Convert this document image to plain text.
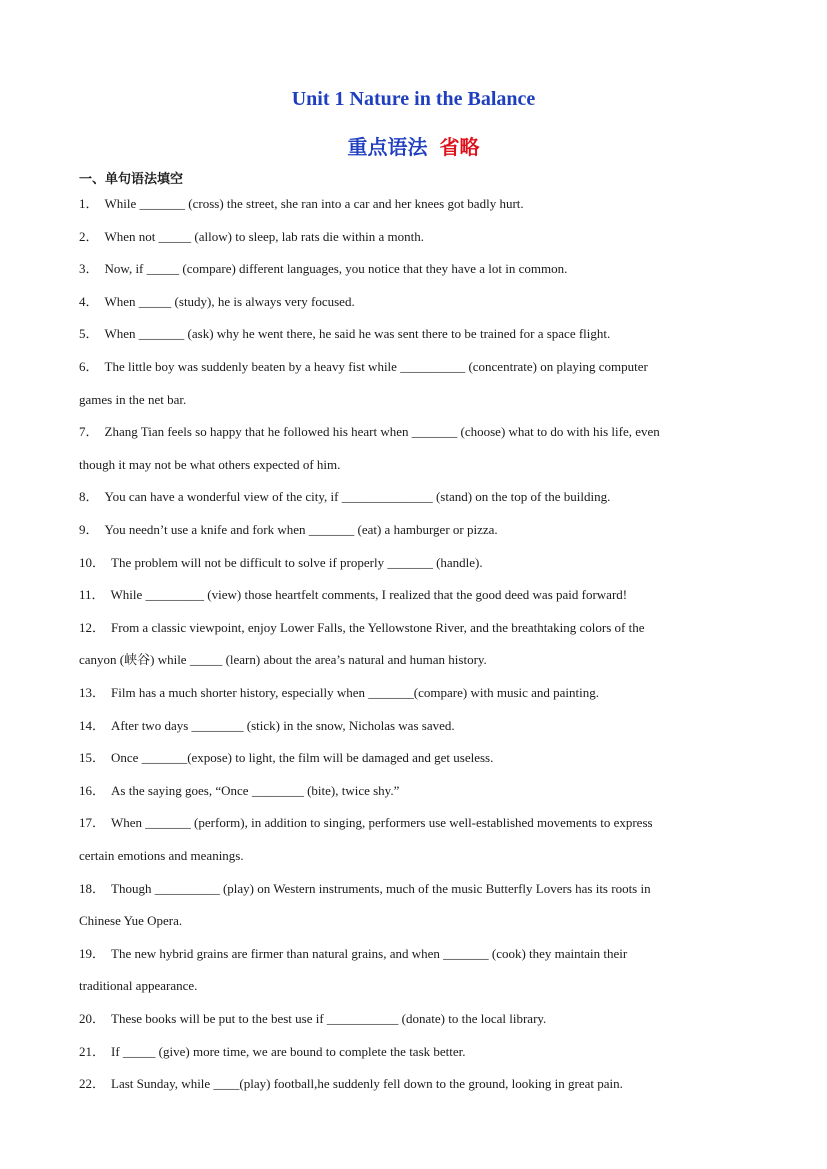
Unit 1 Nature in the Balance
重点语法 省略
一、单句语法填空
1． While _______ (cross) the street, she ran into a car and her knees got badly hurt.
2． When not _____ (allow) to sleep, lab rats die within a month.
3． Now, if _____ (compare) different languages, you notice that they have a lot in common.
4． When _____ (study), he is always very focused.
5． When _______ (ask) why he went there, he said he was sent there to be trained for a space flight.
6． The little boy was suddenly beaten by a heavy fist while __________ (concentrate) on playing computer
games in the net bar.
7． Zhang Tian feels so happy that he followed his heart when _______ (choose) what to do with his life, even
though it may not be what others expected of him.
8． You can have a wonderful view of the city, if ______________ (stand) on the top of the building.
9． You needn’t use a knife and fork when _______ (eat) a hamburger or pizza.
10． The problem will not be difficult to solve if properly _______ (handle).
11． While _________ (view) those heartfelt comments, I realized that the good deed was paid forward!
12． From a classic viewpoint, enjoy Lower Falls, the Yellowstone River, and the breathtaking colors of the
canyon (峡谷) while _____ (learn) about the area’s natural and human history.
13． Film has a much shorter history, especially when _______(compare) with music and painting.
14． After two days ________ (stick) in the snow, Nicholas was saved.
15． Once _______(expose) to light, the film will be damaged and get useless.
16． As the saying goes, “Once ________ (bite), twice shy.”
17． When _______ (perform), in addition to singing, performers use well-established movements to express
certain emotions and meanings.
18． Though __________ (play) on Western instruments, much of the music Butterfly Lovers has its roots in
Chinese Yue Opera.
19． The new hybrid grains are firmer than natural grains, and when _______ (cook) they maintain their
traditional appearance.
20． These books will be put to the best use if ___________ (donate) to the local library.
21． If _____ (give) more time, we are bound to complete the task better.
22． Last Sunday, while ____(play) football,he suddenly fell down to the ground, looking in great pain.
